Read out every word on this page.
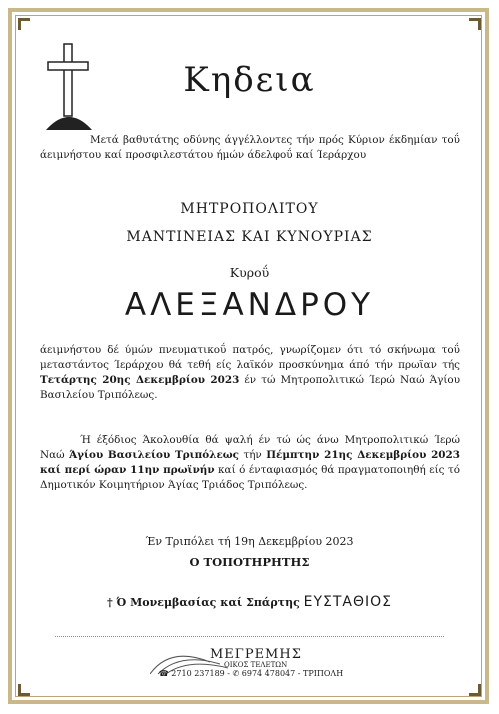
Κηδεια
Μετά βαθυτάτης οδύνης άγγέλλοντες τήν πρός Κύριον έκδημίαν τοΰ άειμνήστου καί προσφιλεστάτου ήμών άδελφοΰ καί Ίεράρχου
ΜΗΤΡΟΠΟΛΙΤΟΥ
ΜΑΝΤΙΝΕΙΑΣ ΚΑΙ ΚΥΝΟΥΡΙΑΣ
Κυροΰ
ΑΛΕΞΑΝΔΡΟΥ
άειμνήστου δέ ύμών πνευματικοΰ πατρός, γνωρίζομεν ότι τό σκήνωμα τοΰ μεταστάντος Ίεράρχου θά τεθή είς λαϊκόν προσκύνημα άπό τήν πρωϊαν τής Τετάρτης 20ης Δεκεμβρίου 2023 έν τώ Μητροπολιτικώ Ίερώ Ναώ Άγίου Βασιλείου Τριπόλεως.
Ή έξόδιος Άκολουθία θά ψαλή έν τώ ώς άνω Μητροπολιτικώ Ίερώ Ναώ Άγίου Βασιλείου Τριπόλεως τήν Πέμπτην 21ης Δεκεμβρίου 2023 καί περί ώραν 11ην πρωϊνήν καί ό ένταφιασμός θά πραγματοποιηθή είς τό Δημοτικόν Κοιμητήριον Άγίας Τριάδος Τριπόλεως.
Έν Τριπόλει τή 19η Δεκεμβρίου 2023
Ο ΤΟΠΟΤΗΡΗΤΗΣ
† Ό Μονεμβασίας καί Σπάρτης ΕΥΣΤΑΘΙΟΣ
ΜΕΓΡΕΜΗΣ
ΟΙΚΟΣ ΤΕΛΕΤΩΝ
☎ 2710 237189 - ✆ 6974 478047 - ΤΡΙΠΟΛΗ
